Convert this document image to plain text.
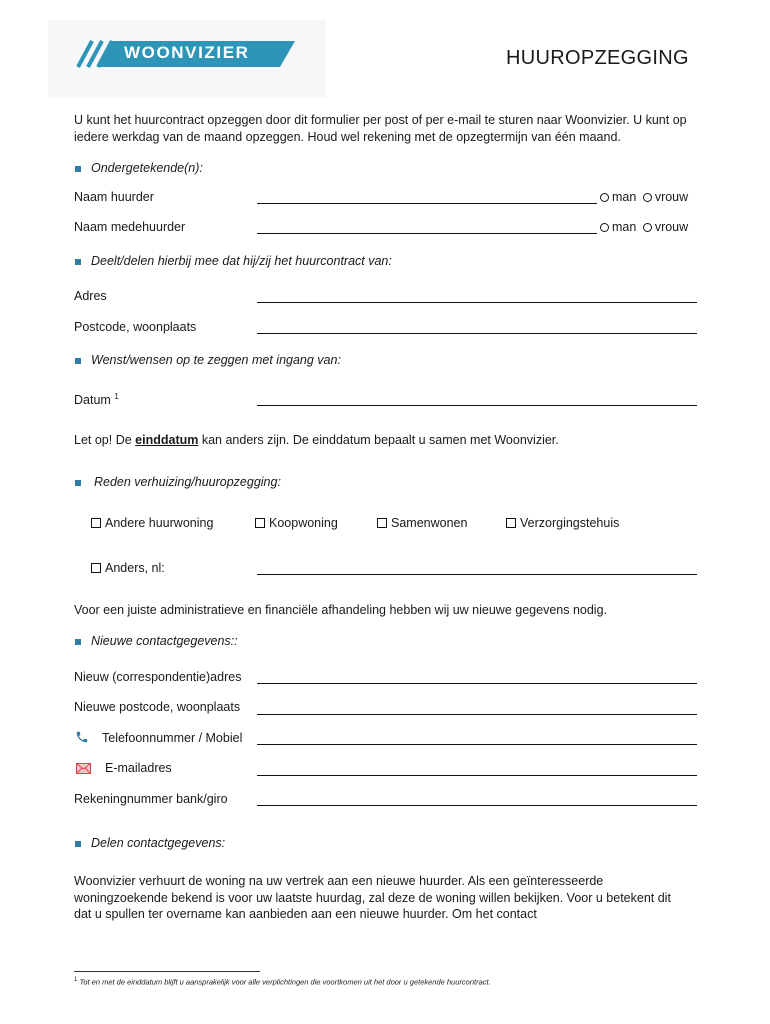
WOONVIZIER	HUUROPZEGGING
U kunt het huurcontract opzeggen door dit formulier per post of per e-mail te sturen naar Woonvizier. U kunt op iedere werkdag van de maand opzeggen. Houd wel rekening met de opzegtermijn van één maand.
Ondergetekende(n):
Naam huurder	man vrouw
Naam medehuurder	man vrouw
Deelt/delen hierbij mee dat hij/zij het huurcontract van:
Adres
Postcode, woonplaats
Wenst/wensen op te zeggen met ingang van:
Datum $^1$
Let op! De einddatum kan anders zijn. De einddatum bepaalt u samen met Woonvizier.
Reden verhuizing/huuropzegging:
Andere huurwoning	Koopwoning	Samenwonen	Verzorgingstehuis
Anders, nl:
Voor een juiste administratieve en financiële afhandeling hebben wij uw nieuwe gegevens nodig.
Nieuwe contactgegevens::
Nieuw (correspondentie)adres
Nieuwe postcode, woonplaats
Telefoonnummer / Mobiel
E-mailadres
Rekeningnummer bank/giro
Delen contactgegevens:
Woonvizier verhuurt de woning na uw vertrek aan een nieuwe huurder. Als een geïnteresseerde woningzoekende bekend is voor uw laatste huurdag, zal deze de woning willen bekijken. Voor u betekent dit dat u spullen ter overname kan aanbieden aan een nieuwe huurder. Om het contact
$^1$ Tot en met de einddatum blijft u aansprakelijk voor alle verplichtingen die voortkomen uit het door u getekende huurcontract.
